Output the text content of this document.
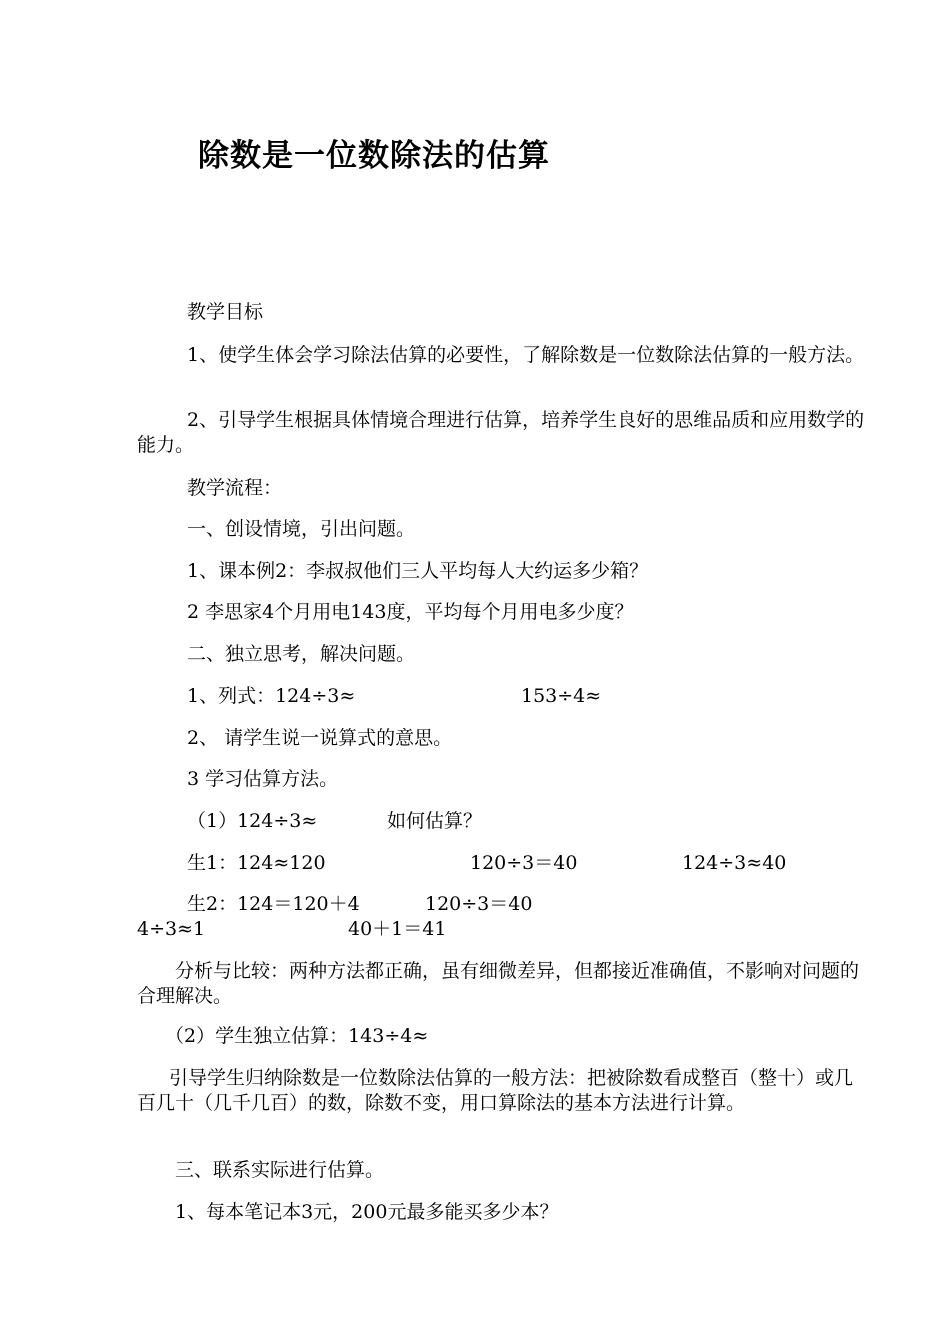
除数是一位数除法的估算
教学目标
1、使学生体会学习除法估算的必要性，了解除数是一位数除法估算的一般方法。
2、引导学生根据具体情境合理进行估算，培养学生良好的思维品质和应用数学的能力。
教学流程：
一、创设情境，引出问题。
1、课本例2：李叔叔他们三人平均每人大约运多少箱？
2 李思家4个月用电143度，平均每个月用电多少度？
二、独立思考，解决问题。
1、列式：124÷3≈	153÷4≈
2、 请学生说一说算式的意思。
3 学习估算方法。
（1）124÷3≈	如何估算？
生1：124≈120	120÷3＝40	124÷3≈40
生2：124＝120＋4	120÷3＝40
4÷3≈1	40＋1＝41
分析与比较：两种方法都正确，虽有细微差异，但都接近准确值，不影响对问题的合理解决。
（2）学生独立估算：143÷4≈
引导学生归纳除数是一位数除法估算的一般方法：把被除数看成整百（整十）或几百几十（几千几百）的数，除数不变，用口算除法的基本方法进行计算。
三、联系实际进行估算。
1、每本笔记本3元，200元最多能买多少本？
